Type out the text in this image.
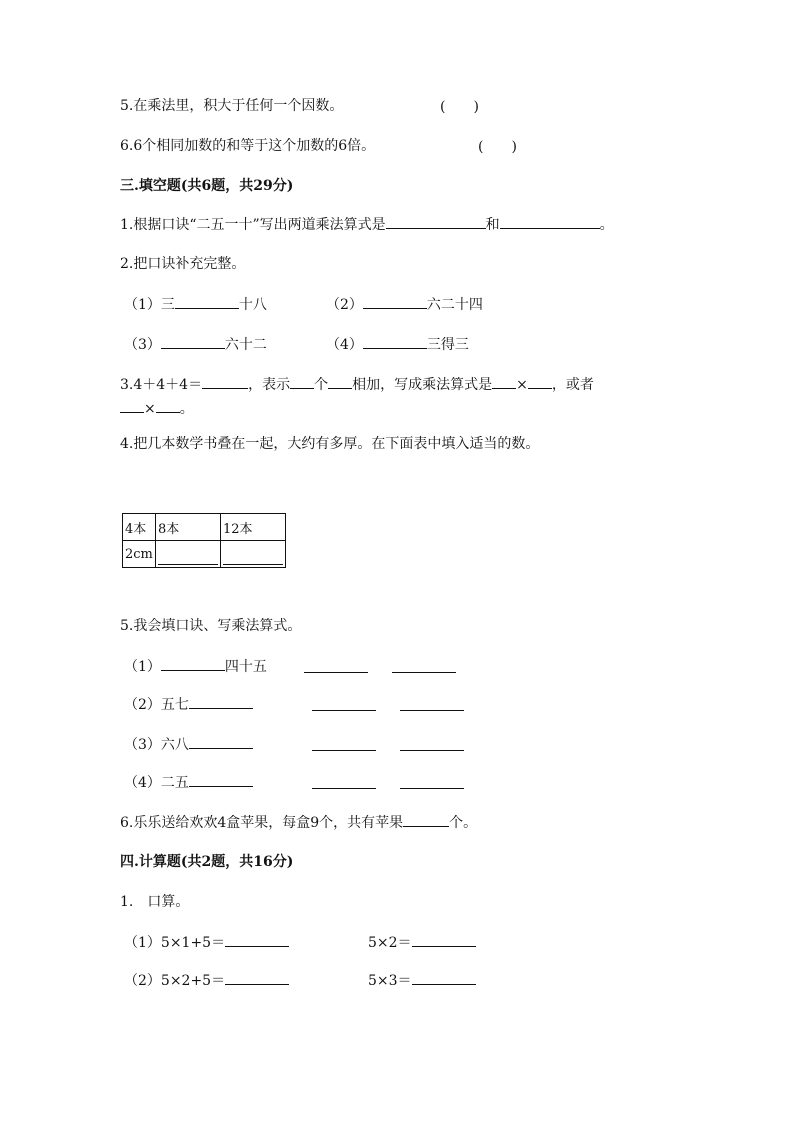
5.在乘法里，积大于任何一个因数。	(　　)
6.6个相同加数的和等于这个加数的6倍。	(　　)
三.填空题(共6题，共29分)
1.根据口诀“二五一十”写出两道乘法算式是	和	。
2.把口诀补充完整。
（1）三	十八	（2）	六二十四
（3）	六十二	（4）	三得三
3.4＋4＋4＝	，表示 个 相加，写成乘法算式是 × ，或者
× 。
4.把几本数学书叠在一起，大约有多厚。在下面表中填入适当的数。
4本	8本	12本
2cm	

5.我会填口诀、写乘法算式。
（1）	四十五
（2）五七
（3）六八
（4）二五
6.乐乐送给欢欢4盒苹果，每盒9个，共有苹果	个。
四.计算题(共2题，共16分)
1.　口算。
（1）5×1+5＝	5×2＝
（2）5×2+5＝	5×3＝
